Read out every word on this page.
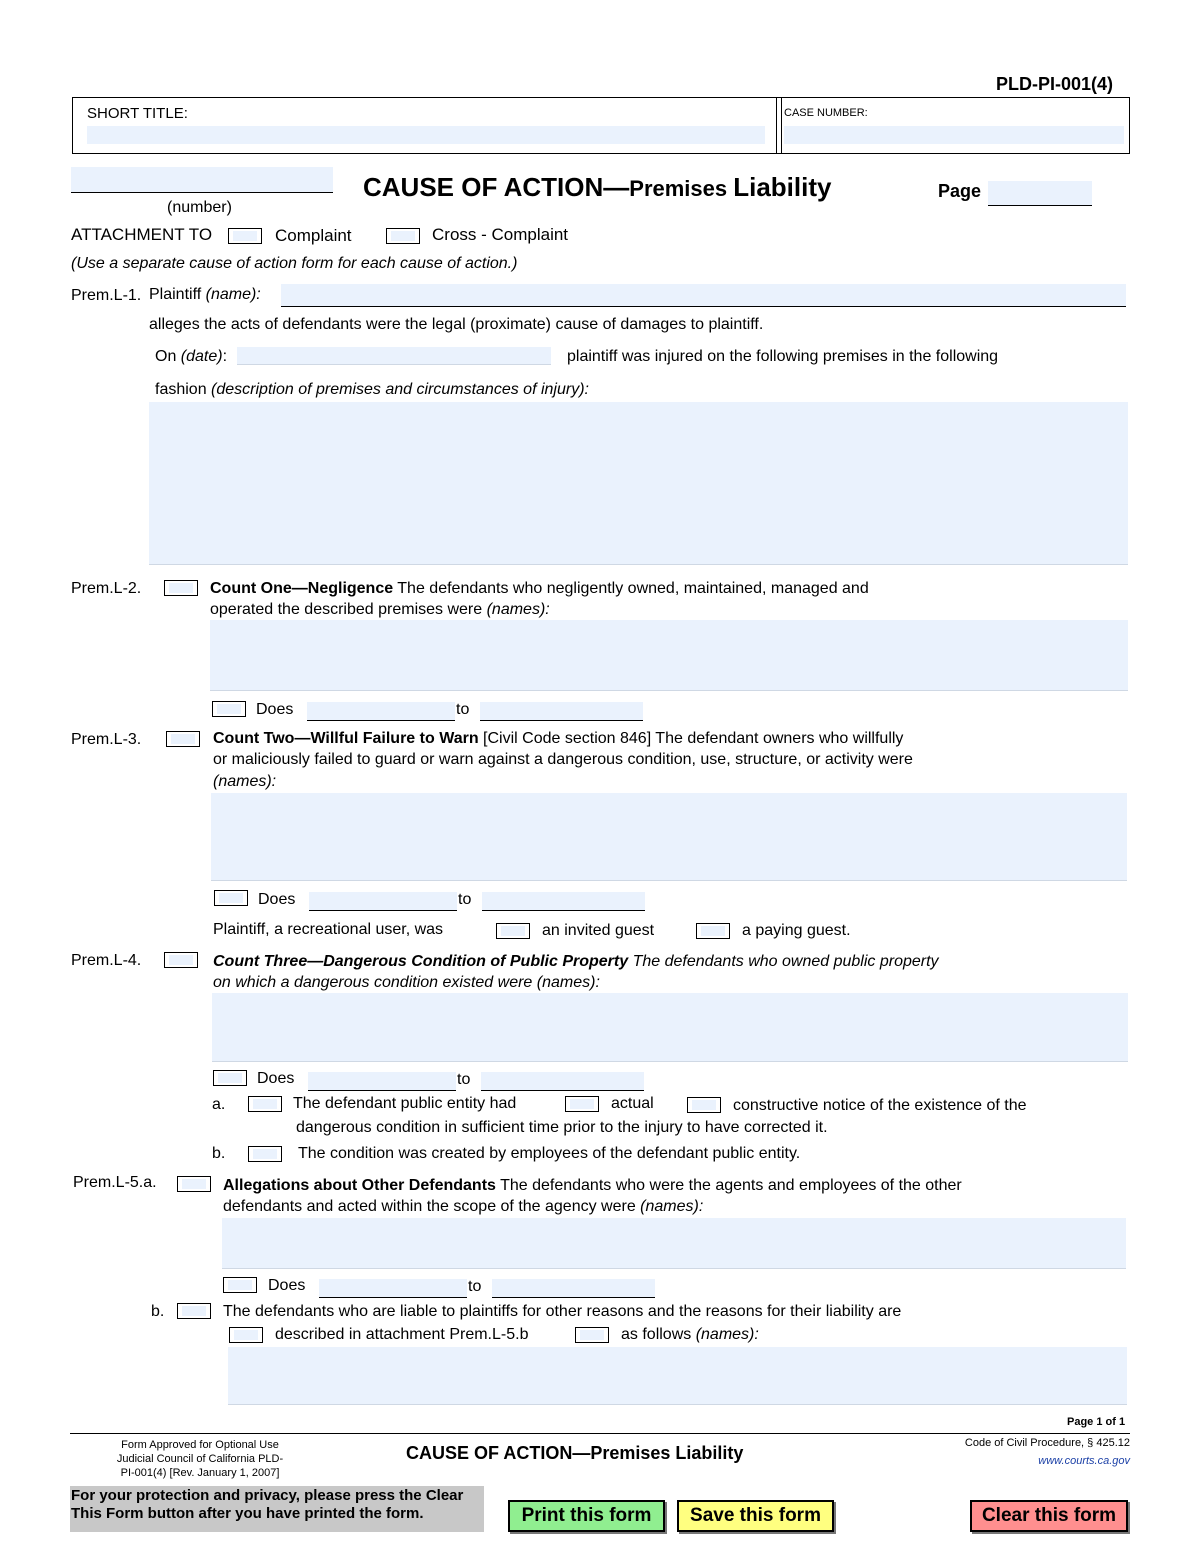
PLD-PI-001(4)
SHORT TITLE:	CASE NUMBER:
(number)
CAUSE OF ACTION—Premises Liability	Page
ATTACHMENT TO	Complaint	Cross - Complaint
(Use a separate cause of action form for each cause of action.)
Prem.L-1. Plaintiff (name):
alleges the acts of defendants were the legal (proximate) cause of damages to plaintiff.
On (date):	plaintiff was injured on the following premises in the following
fashion (description of premises and circumstances of injury):
Prem.L-2.	Count One—Negligence The defendants who negligently owned, maintained, managed and
operated the described premises were (names):
Does	to
Prem.L-3.	Count Two—Willful Failure to Warn [Civil Code section 846] The defendant owners who willfully
or maliciously failed to guard or warn against a dangerous condition, use, structure, or activity were
(names):
Does	to
Plaintiff, a recreational user, was	an invited guest	a paying guest.
Prem.L-4.	Count Three—Dangerous Condition of Public Property The defendants who owned public property
on which a dangerous condition existed were (names):
Does	to
a.	The defendant public entity had	actual	constructive notice of the existence of the
dangerous condition in sufficient time prior to the injury to have corrected it.
b.	The condition was created by employees of the defendant public entity.
Prem.L-5.a.	Allegations about Other Defendants The defendants who were the agents and employees of the other
defendants and acted within the scope of the agency were (names):
Does	to
b.	The defendants who are liable to plaintiffs for other reasons and the reasons for their liability are
described in attachment Prem.L-5.b	as follows (names):
Page 1 of 1
Form Approved for Optional Use
Judicial Council of California PLD-
PI-001(4) [Rev. January 1, 2007]
CAUSE OF ACTION—Premises Liability	Code of Civil Procedure, § 425.12
www.courts.ca.gov
For your protection and privacy, please press the Clear
This Form button after you have printed the form.	Print this form	Save this form	Clear this form
